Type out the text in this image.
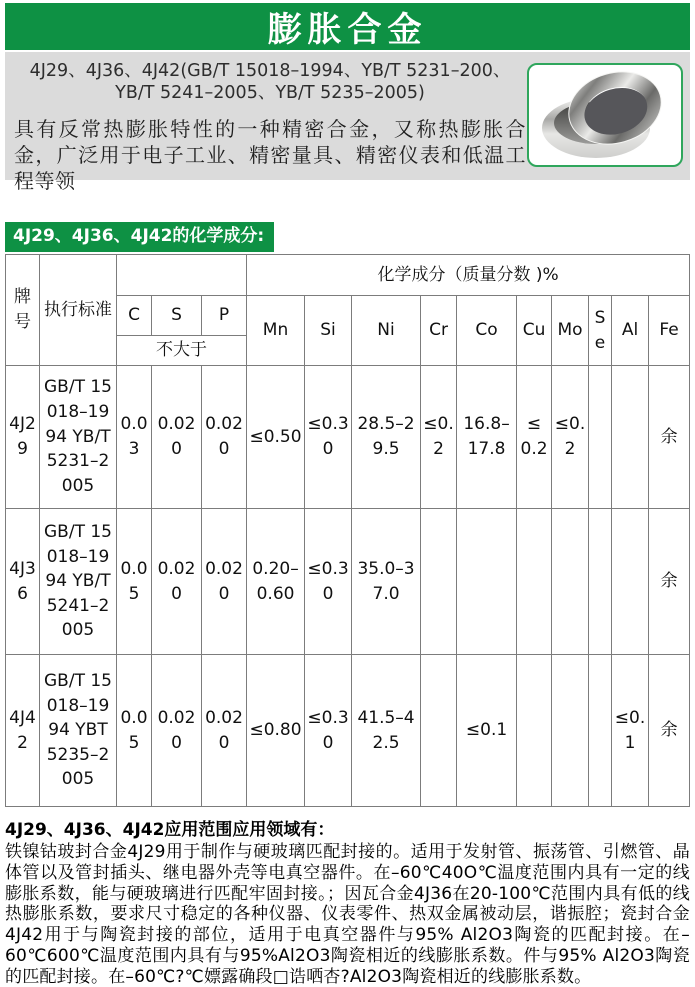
膨胀合金

4J29、4J36、4J42(GB/T 15018–1994、YB/T 5231–200、YB/T 5241–2005、YB/T 5235–2005)

具有反常热膨胀特性的一种精密合金，又称热膨胀合金，广泛用于电子工业、精密量具、精密仪表和低温工程等领

4J29、4J36、4J42的化学成分:
牌号	执行标准				化学成分（质量分数 )%									
		C	S	P	Mn	Si	Ni	Cr	Co	Cu	Mo	Se	Al	Fe
		不大于												
4J29	GB/T 15018–1994 YB/T 5231–2005	0.03	0.020	0.020	≤0.50	≤0.30	28.5–29.5	≤0.2	16.8–17.8	≤0.2	≤0.2			余
4J36	GB/T 15018–1994 YB/T 5241–2005	0.05	0.020	0.020	0.20–0.60	≤0.30	35.0–37.0							余
4J42	GB/T 15018–1994 YBT 5235–2005	0.05	0.020	0.020	≤0.80	≤0.30	41.5–42.5		≤0.1				≤0.1	余

4J29、4J36、4J42应用范围应用领域有：

铁镍钴玻封合金4J29用于制作与硬玻璃匹配封接的。适用于发射管、振荡管、引燃管、晶体管以及管封插头、继电器外壳等电真空器件。在–60℃40O℃温度范围内具有一定的线膨胀系数，能与硬玻璃进行匹配牢固封接。；因瓦合金4J36在20-100℃范围内具有低的线热膨胀系数，要求尺寸稳定的各种仪器、仪表零件、热双金属被动层，谐振腔；瓷封合金4J42用于与陶瓷封接的部位，适用于电真空器件与95% Al2O3陶瓷的匹配封接。在–60℃600℃温度范围内具有与95%Al2O3陶瓷相近的线膨胀系数。件与95% Al2O3陶瓷的匹配封接。在–60℃?℃嫖露确段□诰哂杏?Al2O3陶瓷相近的线膨胀系数。
